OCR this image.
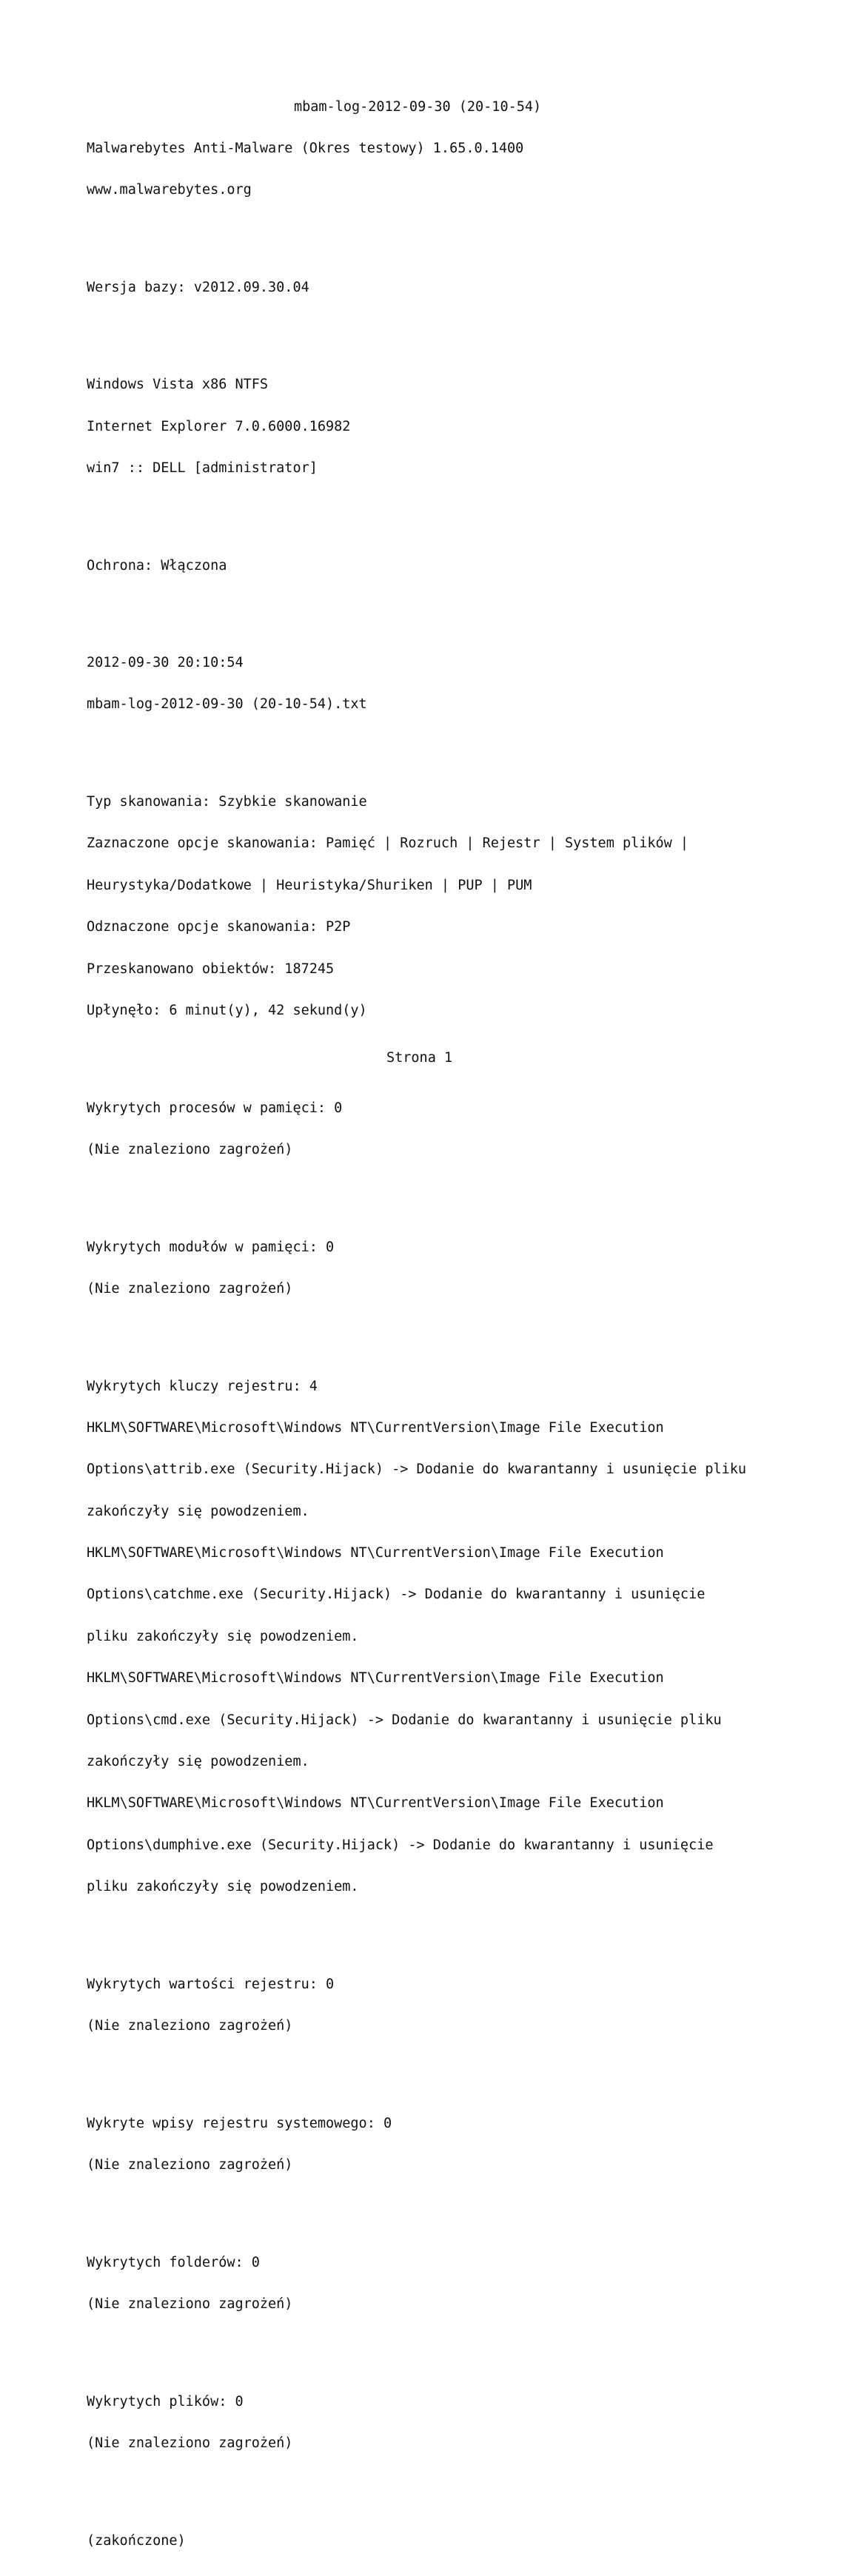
mbam-log-2012-09-30 (20-10-54)

Malwarebytes Anti-Malware (Okres testowy) 1.65.0.1400

www.malwarebytes.org

Wersja bazy: v2012.09.30.04

Windows Vista x86 NTFS

Internet Explorer 7.0.6000.16982

win7 :: DELL [administrator]

Ochrona: Włączona

2012-09-30 20:10:54

mbam-log-2012-09-30 (20-10-54).txt

Typ skanowania: Szybkie skanowanie

Zaznaczone opcje skanowania: Pamięć | Rozruch | Rejestr | System plików |

Heurystyka/Dodatkowe | Heuristyka/Shuriken | PUP | PUM

Odznaczone opcje skanowania: P2P

Przeskanowano obiektów: 187245

Upłynęło: 6 minut(y), 42 sekund(y)

Wykrytych procesów w pamięci: 0

(Nie znaleziono zagrożeń)

Wykrytych modułów w pamięci: 0

(Nie znaleziono zagrożeń)

Wykrytych kluczy rejestru: 4

HKLM\SOFTWARE\Microsoft\Windows NT\CurrentVersion\Image File Execution

Options\attrib.exe (Security.Hijack) -> Dodanie do kwarantanny i usunięcie pliku

zakończyły się powodzeniem.

HKLM\SOFTWARE\Microsoft\Windows NT\CurrentVersion\Image File Execution

Options\catchme.exe (Security.Hijack) -> Dodanie do kwarantanny i usunięcie

pliku zakończyły się powodzeniem.

HKLM\SOFTWARE\Microsoft\Windows NT\CurrentVersion\Image File Execution

Options\cmd.exe (Security.Hijack) -> Dodanie do kwarantanny i usunięcie pliku

zakończyły się powodzeniem.

HKLM\SOFTWARE\Microsoft\Windows NT\CurrentVersion\Image File Execution

Options\dumphive.exe (Security.Hijack) -> Dodanie do kwarantanny i usunięcie

pliku zakończyły się powodzeniem.

Wykrytych wartości rejestru: 0

(Nie znaleziono zagrożeń)

Wykryte wpisy rejestru systemowego: 0

(Nie znaleziono zagrożeń)

Wykrytych folderów: 0

(Nie znaleziono zagrożeń)

Wykrytych plików: 0

(Nie znaleziono zagrożeń)

(zakończone)

Strona 1
